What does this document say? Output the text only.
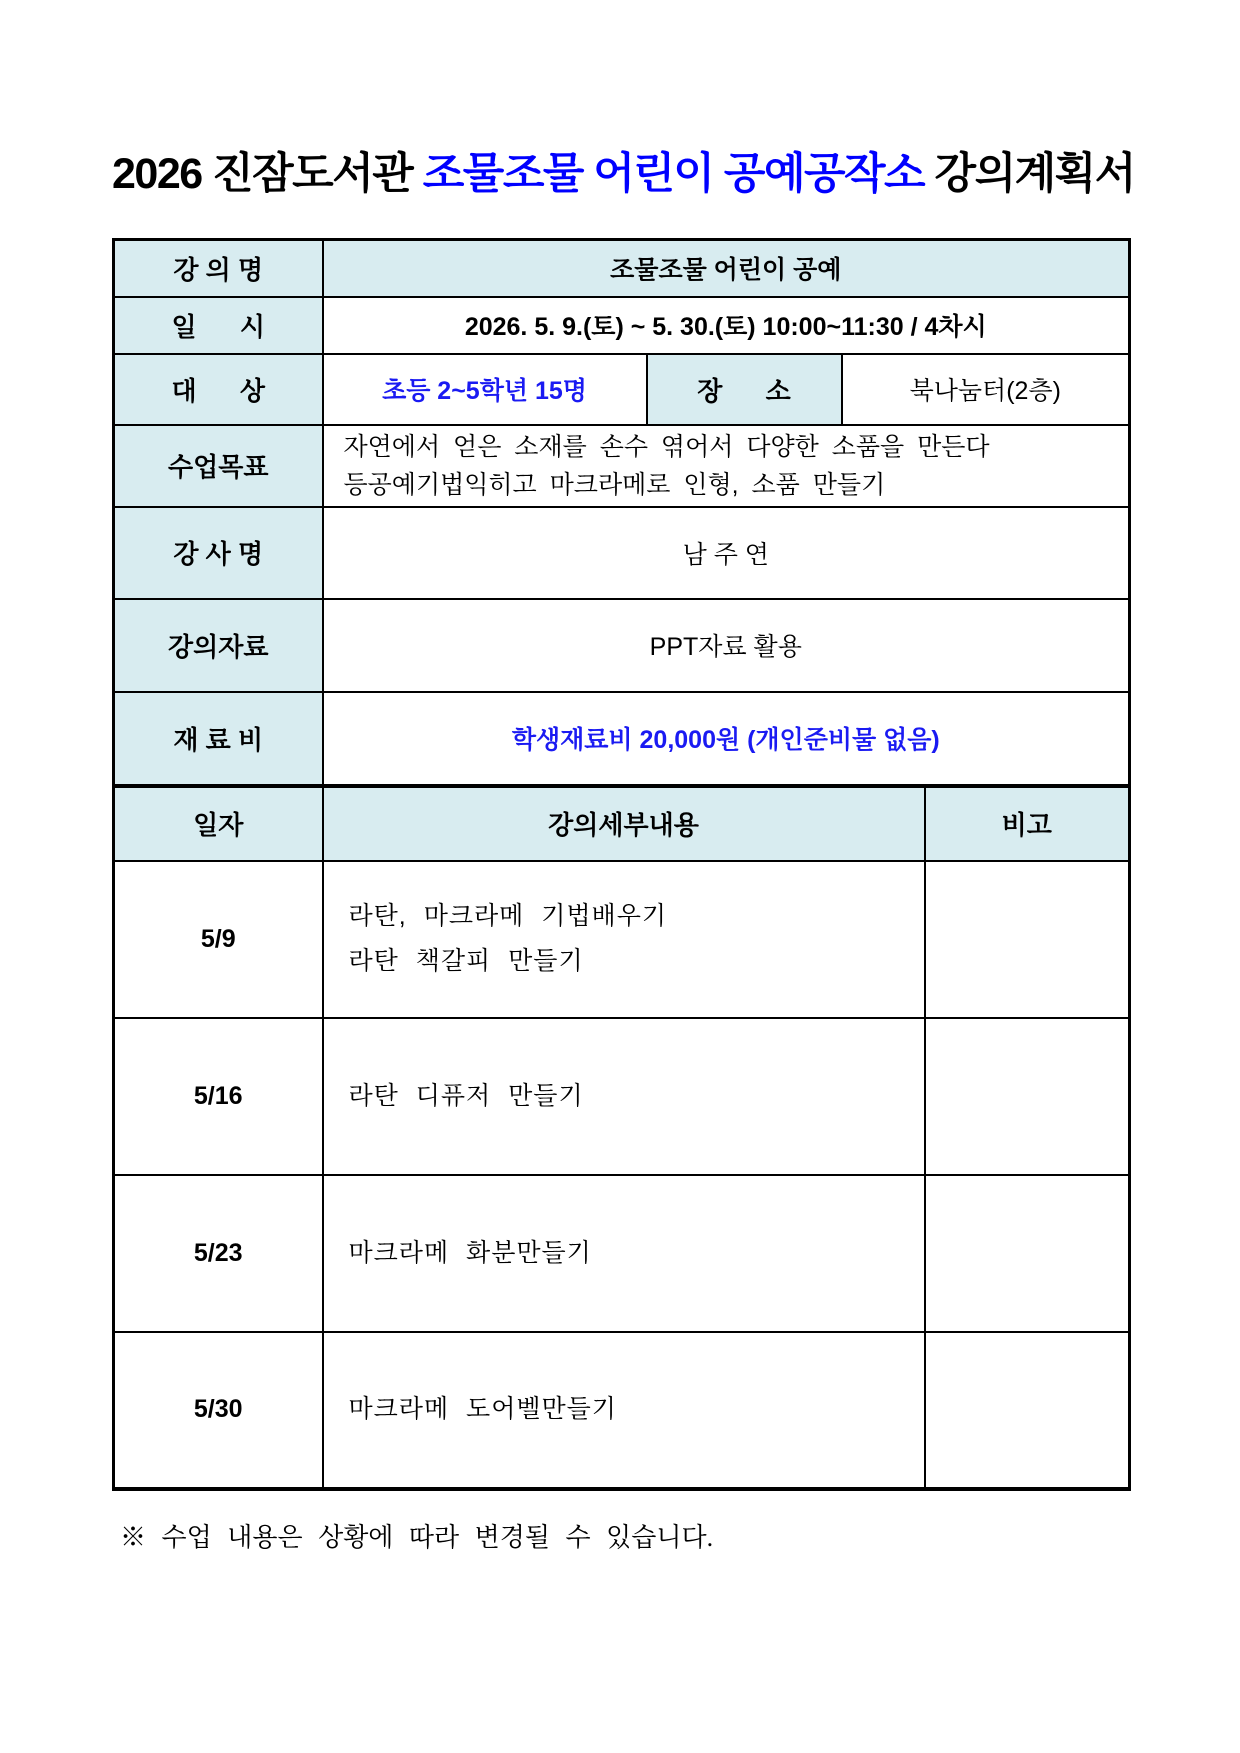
2026 진잠도서관 조물조물 어린이 공예공작소 강의계획서
강 의 명	조물조물 어린이 공예		
일      시	2026. 5. 9.(토) ~ 5. 30.(토) 10:00~11:30 / 4차시		
대      상	초등 2~5학년 15명	장      소	북나눔터(2층)
수업목표	자연에서 얻은 소재를 손수 엮어서 다양한 소품을 만든다
등공예기법익히고 마크라메로 인형, 소품 만들기		

강 사 명	남 주 연		
강의자료	PPT자료 활용		
재 료 비	학생재료비 20,000원 (개인준비물 없음)		
일자	강의세부내용	비고
5/9	라탄, 마크라메 기법배우기
라탄 책갈피 만들기	

5/16	라탄 디퓨저 만들기	

5/23	마크라메 화분만들기	

5/30	마크라메 도어벨만들기	

※ 수업 내용은 상황에 따라 변경될 수 있습니다.
